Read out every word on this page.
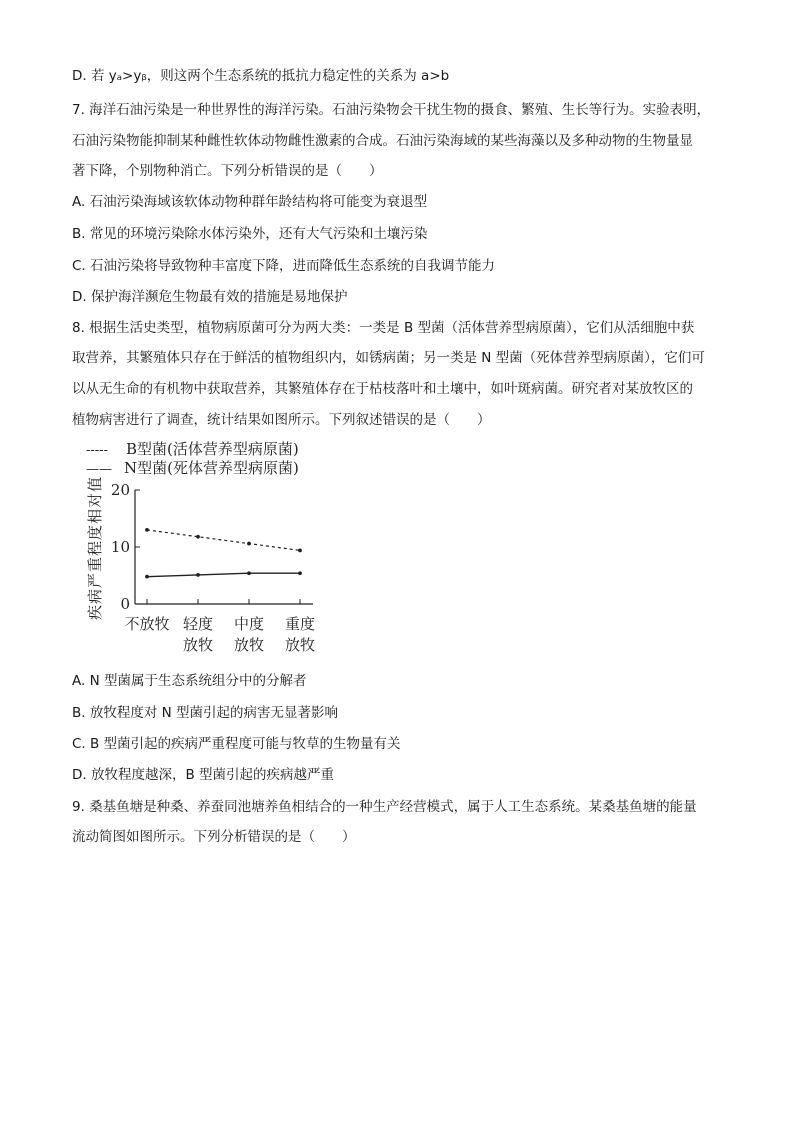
D. 若 yₐ>yᵦ，则这两个生态系统的抵抗力稳定性的关系为 a>b
7. 海洋石油污染是一种世界性的海洋污染。石油污染物会干扰生物的摄食、繁殖、生长等行为。实验表明，
石油污染物能抑制某种雌性软体动物雌性激素的合成。石油污染海域的某些海藻以及多种动物的生物量显
著下降，个别物种消亡。下列分析错误的是（　　）
A. 石油污染海域该软体动物种群年龄结构将可能变为衰退型
B. 常见的环境污染除水体污染外，还有大气污染和土壤污染
C. 石油污染将导致物种丰富度下降，进而降低生态系统的自我调节能力
D. 保护海洋濒危生物最有效的措施是易地保护
8. 根据生活史类型，植物病原菌可分为两大类：一类是 B 型菌（活体营养型病原菌），它们从活细胞中获
取营养，其繁殖体只存在于鲜活的植物组织内，如锈病菌；另一类是 N 型菌（死体营养型病原菌），它们可
以从无生命的有机物中获取营养，其繁殖体存在于枯枝落叶和土壤中，如叶斑病菌。研究者对某放牧区的
植物病害进行了调查，统计结果如图所示。下列叙述错误的是（　　）
----- B型菌(活体营养型病原菌)
—— N型菌(死体营养型病原菌)
0
10
20
疾病严重程度相对值
不放牧 轻度
放牧
中度
放牧
重度
放牧
A. N 型菌属于生态系统组分中的分解者
B. 放牧程度对 N 型菌引起的病害无显著影响
C. B 型菌引起的疾病严重程度可能与牧草的生物量有关
D. 放牧程度越深，B 型菌引起的疾病越严重
9. 桑基鱼塘是种桑、养蚕同池塘养鱼相结合的一种生产经营模式，属于人工生态系统。某桑基鱼塘的能量
流动简图如图所示。下列分析错误的是（　　）
